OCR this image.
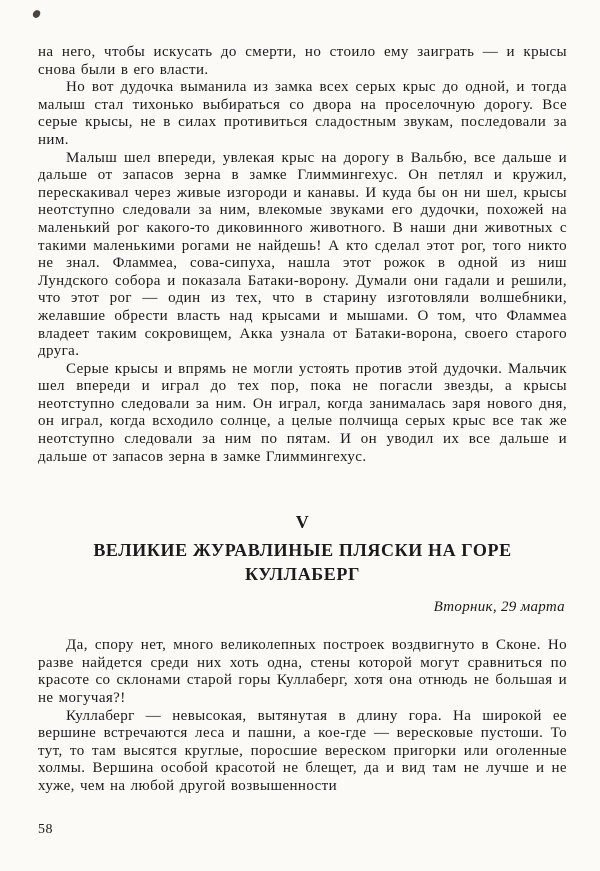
на него, чтобы искусать до смерти, но стоило ему заиграть — и крысы снова были в его власти.

Но вот дудочка выманила из замка всех серых крыс до одной, и тогда малыш стал тихонько выбираться со двора на проселочную дорогу. Все серые крысы, не в силах противиться сладостным звукам, последовали за ним.

Малыш шел впереди, увлекая крыс на дорогу в Вальбю, все дальше и дальше от запасов зерна в замке Глиммингехус. Он петлял и кружил, перескакивал через живые изгороди и канавы. И куда бы он ни шел, крысы неотступно следовали за ним, влекомые звуками его дудочки, похожей на маленький рог какого-то диковинного животного. В наши дни животных с такими маленькими рогами не найдешь! А кто сделал этот рог, того никто не знал. Фламмеа, сова-сипуха, нашла этот рожок в одной из ниш Лундского собора и показала Батаки-ворону. Думали они гадали и решили, что этот рог — один из тех, что в старину изготовляли волшебники, желавшие обрести власть над крысами и мышами. О том, что Фламмеа владеет таким сокровищем, Акка узнала от Батаки-ворона, своего старого друга.

Серые крысы и впрямь не могли устоять против этой дудочки. Мальчик шел впереди и играл до тех пор, пока не погасли звезды, а крысы неотступно следовали за ним. Он играл, когда занималась заря нового дня, он играл, когда всходило солнце, а целые полчища серых крыс все так же неотступно следовали за ним по пятам. И он уводил их все дальше и дальше от запасов зерна в замке Глиммингехус.

V
ВЕЛИКИЕ ЖУРАВЛИНЫЕ ПЛЯСКИ НА ГОРЕ КУЛЛАБЕРГ
Вторник, 29 марта

Да, спору нет, много великолепных построек воздвигнуто в Сконе. Но разве найдется среди них хоть одна, стены которой могут сравниться по красоте со склонами старой горы Куллаберг, хотя она отнюдь не большая и не могучая?!

Куллаберг — невысокая, вытянутая в длину гора. На широкой ее вершине встречаются леса и пашни, а кое-где — вересковые пустоши. То тут, то там высятся круглые, поросшие вереском пригорки или оголенные холмы. Вершина особой красотой не блещет, да и вид там не лучше и не хуже, чем на любой другой возвышенности

58
